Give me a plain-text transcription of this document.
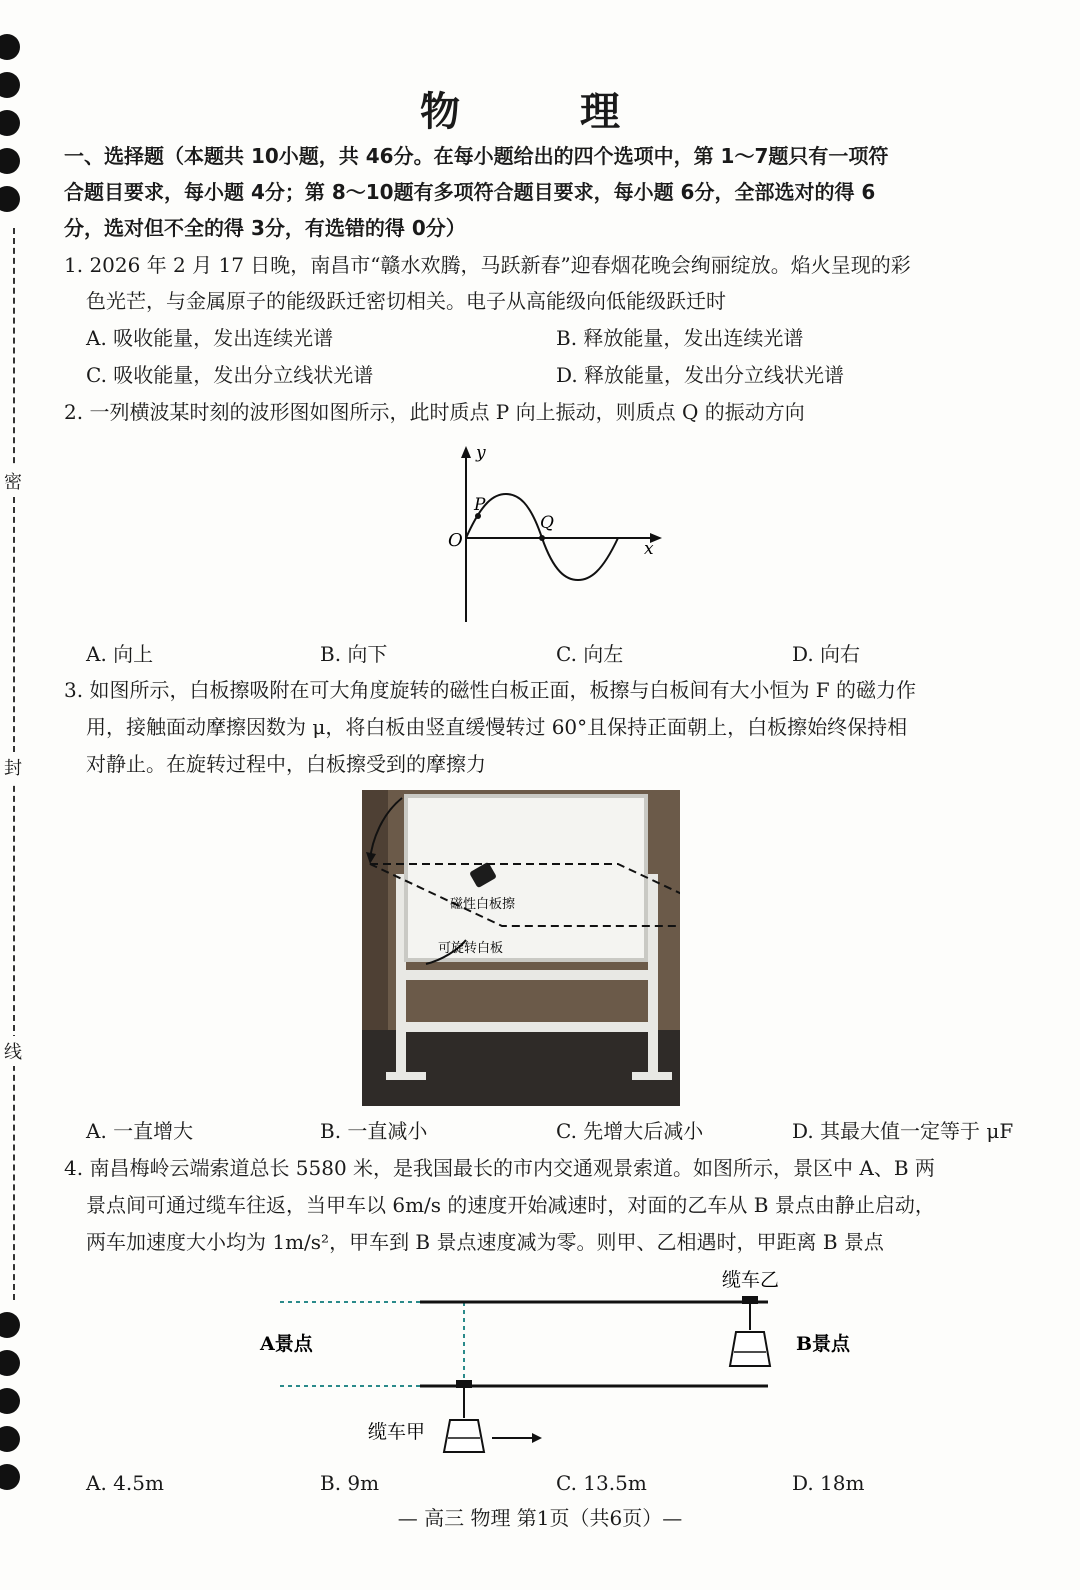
密
封
线
物　理
一、选择题（本题共 10小题，共 46分。在每小题给出的四个选项中，第 1～7题只有一项符
合题目要求，每小题 4分；第 8～10题有多项符合题目要求，每小题 6分，全部选对的得 6
分，选对但不全的得 3分，有选错的得 0分）
1. 2026 年 2 月 17 日晚，南昌市“赣水欢腾，马跃新春”迎春烟花晚会绚丽绽放。焰火呈现的彩
色光芒，与金属原子的能级跃迁密切相关。电子从高能级向低能级跃迁时
A. 吸收能量，发出连续光谱	B. 释放能量，发出连续光谱
C. 吸收能量，发出分立线状光谱	D. 释放能量，发出分立线状光谱
2. 一列横波某时刻的波形图如图所示，此时质点 P 向上振动，则质点 Q 的振动方向
y
x
O
P
Q
A. 向上	B. 向下	C. 向左	D. 向右
3. 如图所示，白板擦吸附在可大角度旋转的磁性白板正面，板擦与白板间有大小恒为 F 的磁力作
用，接触面动摩擦因数为 μ，将白板由竖直缓慢转过 60°且保持正面朝上，白板擦始终保持相
对静止。在旋转过程中，白板擦受到的摩擦力
磁性白板擦
可旋转白板
A. 一直增大	B. 一直减小	C. 先增大后减小	D. 其最大值一定等于 μF
4. 南昌梅岭云端索道总长 5580 米，是我国最长的市内交通观景索道。如图所示，景区中 A、B 两
景点间可通过缆车往返，当甲车以 6m/s 的速度开始减速时，对面的乙车从 B 景点由静止启动，
两车加速度大小均为 1m/s²，甲车到 B 景点速度减为零。则甲、乙相遇时，甲距离 B 景点
缆车乙
缆车甲
A景点	B景点
A. 4.5m	B. 9m	C. 13.5m	D. 18m
— 高三 物理 第1页（共6页）—
